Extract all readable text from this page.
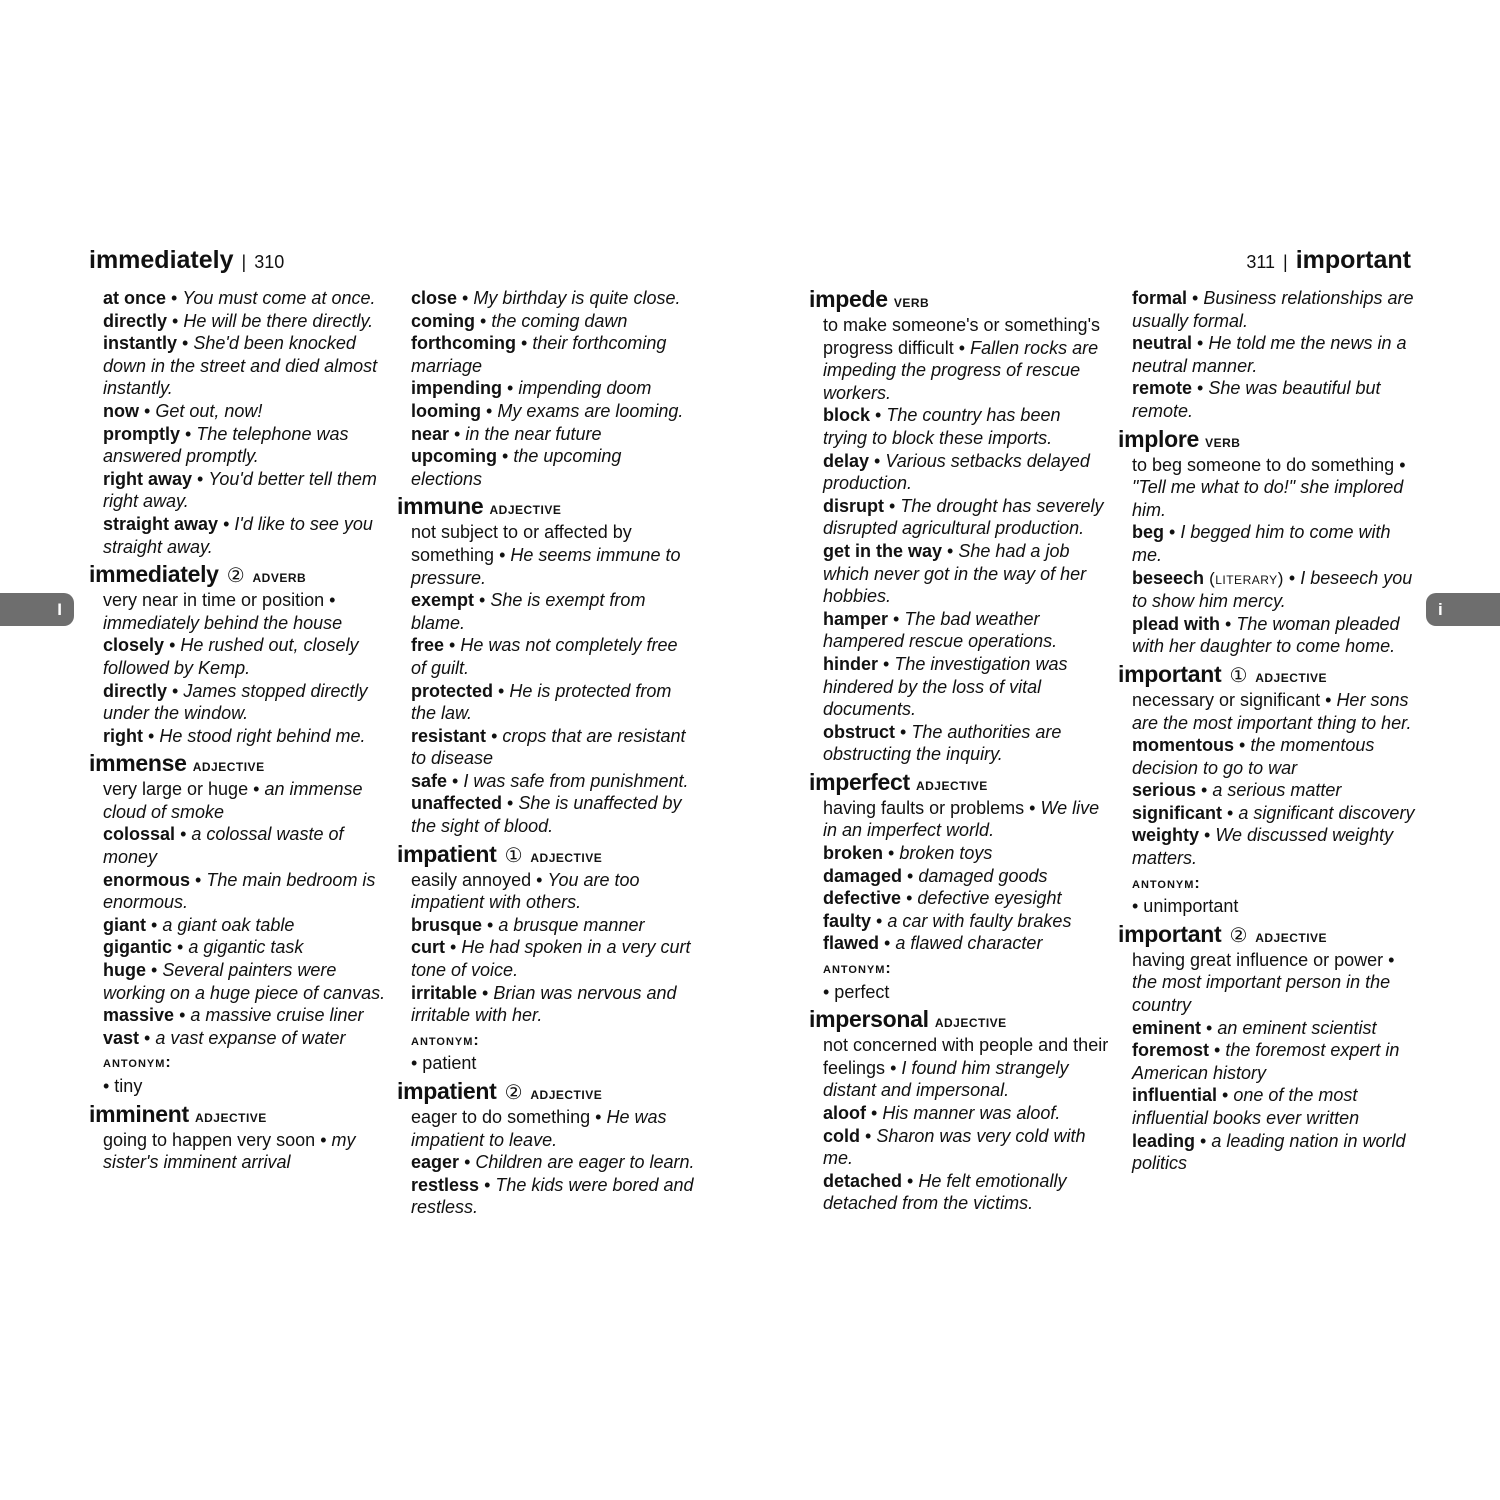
immediately | 310	311 | important
I	i
at once • You must come at once.
directly • He will be there directly.
instantly • She'd been knocked down in the street and died almost instantly.
now • Get out, now!
promptly • The telephone was answered promptly.
right away • You'd better tell them right away.
straight away • I'd like to see you straight away.
immediately ② adverb
very near in time or position • immediately behind the house
closely • He rushed out, closely followed by Kemp.
directly • James stopped directly under the window.
right • He stood right behind me.
immense adjective
very large or huge • an immense cloud of smoke
colossal • a colossal waste of money
enormous • The main bedroom is enormous.
giant • a giant oak table
gigantic • a gigantic task
huge • Several painters were working on a huge piece of canvas.
massive • a massive cruise liner
vast • a vast expanse of water
antonym:
• tiny
imminent adjective
going to happen very soon • my sister's imminent arrival
close • My birthday is quite close.
coming • the coming dawn
forthcoming • their forthcoming marriage
impending • impending doom
looming • My exams are looming.
near • in the near future
upcoming • the upcoming elections
immune adjective
not subject to or affected by something • He seems immune to pressure.
exempt • She is exempt from blame.
free • He was not completely free of guilt.
protected • He is protected from the law.
resistant • crops that are resistant to disease
safe • I was safe from punishment.
unaffected • She is unaffected by the sight of blood.
impatient ① adjective
easily annoyed • You are too impatient with others.
brusque • a brusque manner
curt • He had spoken in a very curt tone of voice.
irritable • Brian was nervous and irritable with her.
antonym:
• patient
impatient ② adjective
eager to do something • He was impatient to leave.
eager • Children are eager to learn.
restless • The kids were bored and restless.
impede verb
to make someone's or something's progress difficult • Fallen rocks are impeding the progress of rescue workers.
block • The country has been trying to block these imports.
delay • Various setbacks delayed production.
disrupt • The drought has severely disrupted agricultural production.
get in the way • She had a job which never got in the way of her hobbies.
hamper • The bad weather hampered rescue operations.
hinder • The investigation was hindered by the loss of vital documents.
obstruct • The authorities are obstructing the inquiry.
imperfect adjective
having faults or problems • We live in an imperfect world.
broken • broken toys
damaged • damaged goods
defective • defective eyesight
faulty • a car with faulty brakes
flawed • a flawed character
antonym:
• perfect
impersonal adjective
not concerned with people and their feelings • I found him strangely distant and impersonal.
aloof • His manner was aloof.
cold • Sharon was very cold with me.
detached • He felt emotionally detached from the victims.
formal • Business relationships are usually formal.
neutral • He told me the news in a neutral manner.
remote • She was beautiful but remote.
implore verb
to beg someone to do something • "Tell me what to do!" she implored him.
beg • I begged him to come with me.
beseech (literary) • I beseech you to show him mercy.
plead with • The woman pleaded with her daughter to come home.
important ① adjective
necessary or significant • Her sons are the most important thing to her.
momentous • the momentous decision to go to war
serious • a serious matter
significant • a significant discovery
weighty • We discussed weighty matters.
antonym:
• unimportant
important ② adjective
having great influence or power • the most important person in the country
eminent • an eminent scientist
foremost • the foremost expert in American history
influential • one of the most influential books ever written
leading • a leading nation in world politics
